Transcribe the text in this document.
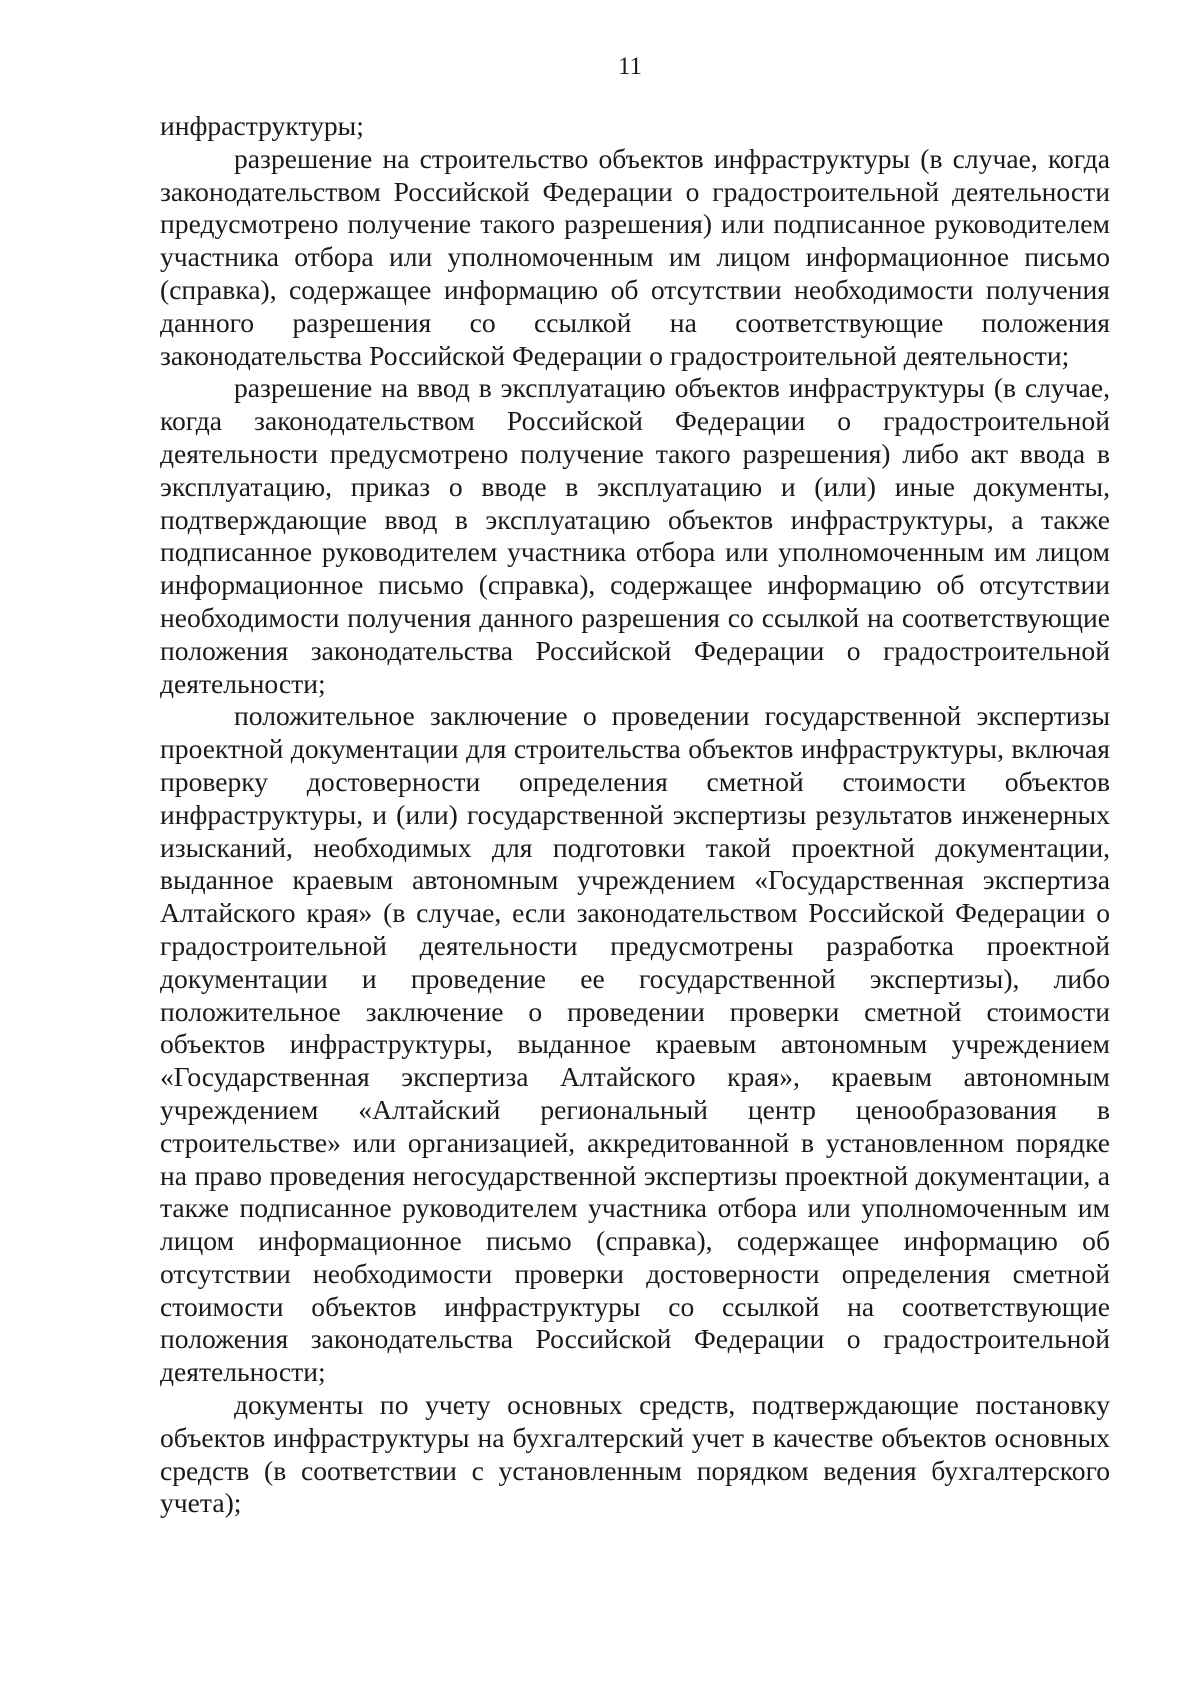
11

инфраструктуры;

разрешение на строительство объектов инфраструктуры (в случае, когда законодательством Российской Федерации о градостроительной деятельности предусмотрено получение такого разрешения) или подписанное руководителем участника отбора или уполномоченным им лицом информационное письмо (справка), содержащее информацию об отсутствии необходимости получения данного разрешения со ссылкой на соответствующие положения законодательства Российской Федерации о градостроительной деятельности;

разрешение на ввод в эксплуатацию объектов инфраструктуры (в случае, когда законодательством Российской Федерации о градостроительной деятельности предусмотрено получение такого разрешения) либо акт ввода в эксплуатацию, приказ о вводе в эксплуатацию и (или) иные документы, подтверждающие ввод в эксплуатацию объектов инфраструктуры, а также подписанное руководителем участника отбора или уполномоченным им лицом информационное письмо (справка), содержащее информацию об отсутствии необходимости получения данного разрешения со ссылкой на соответствующие положения законодательства Российской Федерации о градостроительной деятельности;

положительное заключение о проведении государственной экспертизы проектной документации для строительства объектов инфраструктуры, включая проверку достоверности определения сметной стоимости объектов инфраструктуры, и (или) государственной экспертизы результатов инженерных изысканий, необходимых для подготовки такой проектной документации, выданное краевым автономным учреждением «Государственная экспертиза Алтайского края» (в случае, если законодательством Российской Федерации о градостроительной деятельности предусмотрены разработка проектной документации и проведение ее государственной экспертизы), либо положительное заключение о проведении проверки сметной стоимости объектов инфраструктуры, выданное краевым автономным учреждением «Государственная экспертиза Алтайского края», краевым автономным учреждением «Алтайский региональный центр ценообразования в строительстве» или организацией, аккредитованной в установленном порядке на право проведения негосударственной экспертизы проектной документации, а также подписанное руководителем участника отбора или уполномоченным им лицом информационное письмо (справка), содержащее информацию об отсутствии необходимости проверки достоверности определения сметной стоимости объектов инфраструктуры со ссылкой на соответствующие положения законодательства Российской Федерации о градостроительной деятельности;

документы по учету основных средств, подтверждающие постановку объектов инфраструктуры на бухгалтерский учет в качестве объектов основных средств (в соответствии с установленным порядком ведения бухгалтерского учета);
